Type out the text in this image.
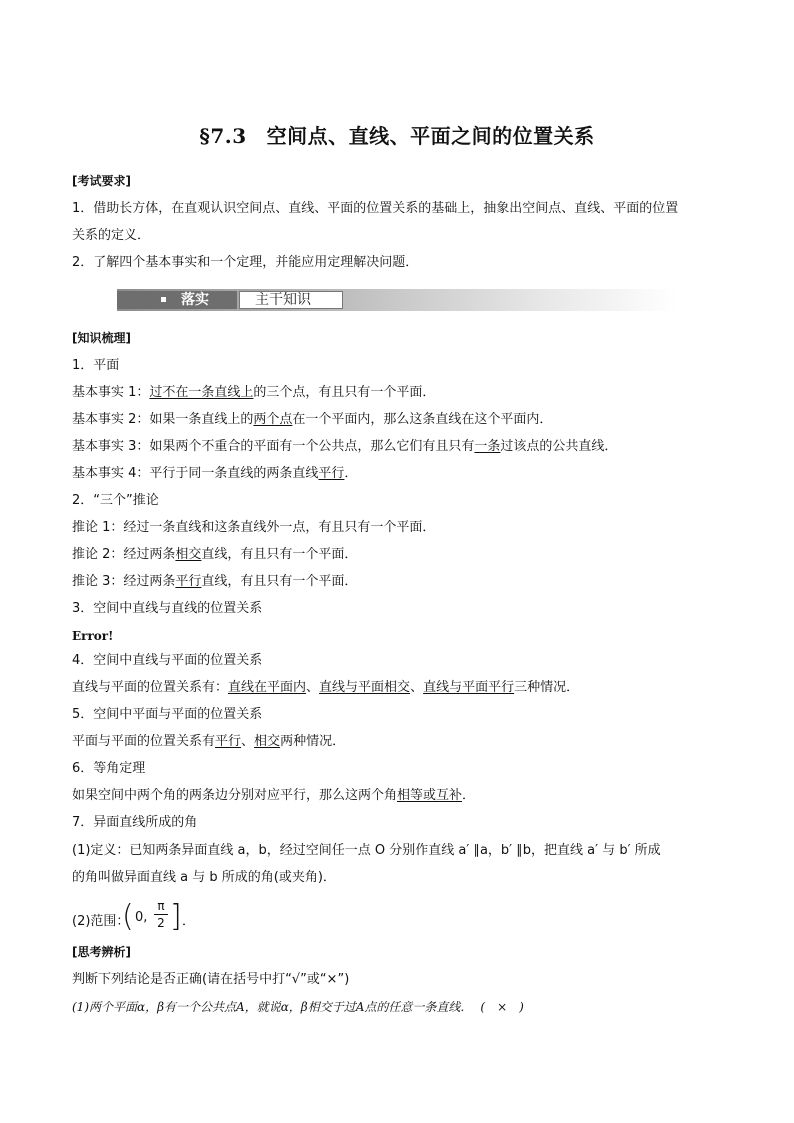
§7.3 空间点、直线、平面之间的位置关系
[考试要求]
1．借助长方体，在直观认识空间点、直线、平面的位置关系的基础上，抽象出空间点、直线、平面的位置
关系的定义．
2．了解四个基本事实和一个定理，并能应用定理解决问题．
落实	主干知识
[知识梳理]
1．平面
基本事实 1：过不在一条直线上的三个点，有且只有一个平面．
基本事实 2：如果一条直线上的两个点在一个平面内，那么这条直线在这个平面内．
基本事实 3：如果两个不重合的平面有一个公共点，那么它们有且只有一条过该点的公共直线．
基本事实 4：平行于同一条直线的两条直线平行．
2．“三个”推论
推论 1：经过一条直线和这条直线外一点，有且只有一个平面．
推论 2：经过两条相交直线，有且只有一个平面．
推论 3：经过两条平行直线，有且只有一个平面．
3．空间中直线与直线的位置关系
Error!
4．空间中直线与平面的位置关系
直线与平面的位置关系有：直线在平面内、直线与平面相交、直线与平面平行三种情况．
5．空间中平面与平面的位置关系
平面与平面的位置关系有平行、相交两种情况．
6．等角定理
如果空间中两个角的两条边分别对应平行，那么这两个角相等或互补．
7．异面直线所成的角
(1)定义：已知两条异面直线 a，b，经过空间任一点 O 分别作直线 a′ ∥a，b′ ∥b，把直线 a′ 与 b′ 所成
的角叫做异面直线 a 与 b 所成的角(或夹角)．
(2)范围：
( 0, $\frac{\pi}{2}$ ] ．
[思考辨析]
判断下列结论是否正确(请在括号中打“√”或“×”)
(1)两个平面α，β有一个公共点A，就说α，β相交于过A点的任意一条直线． (　×　)
